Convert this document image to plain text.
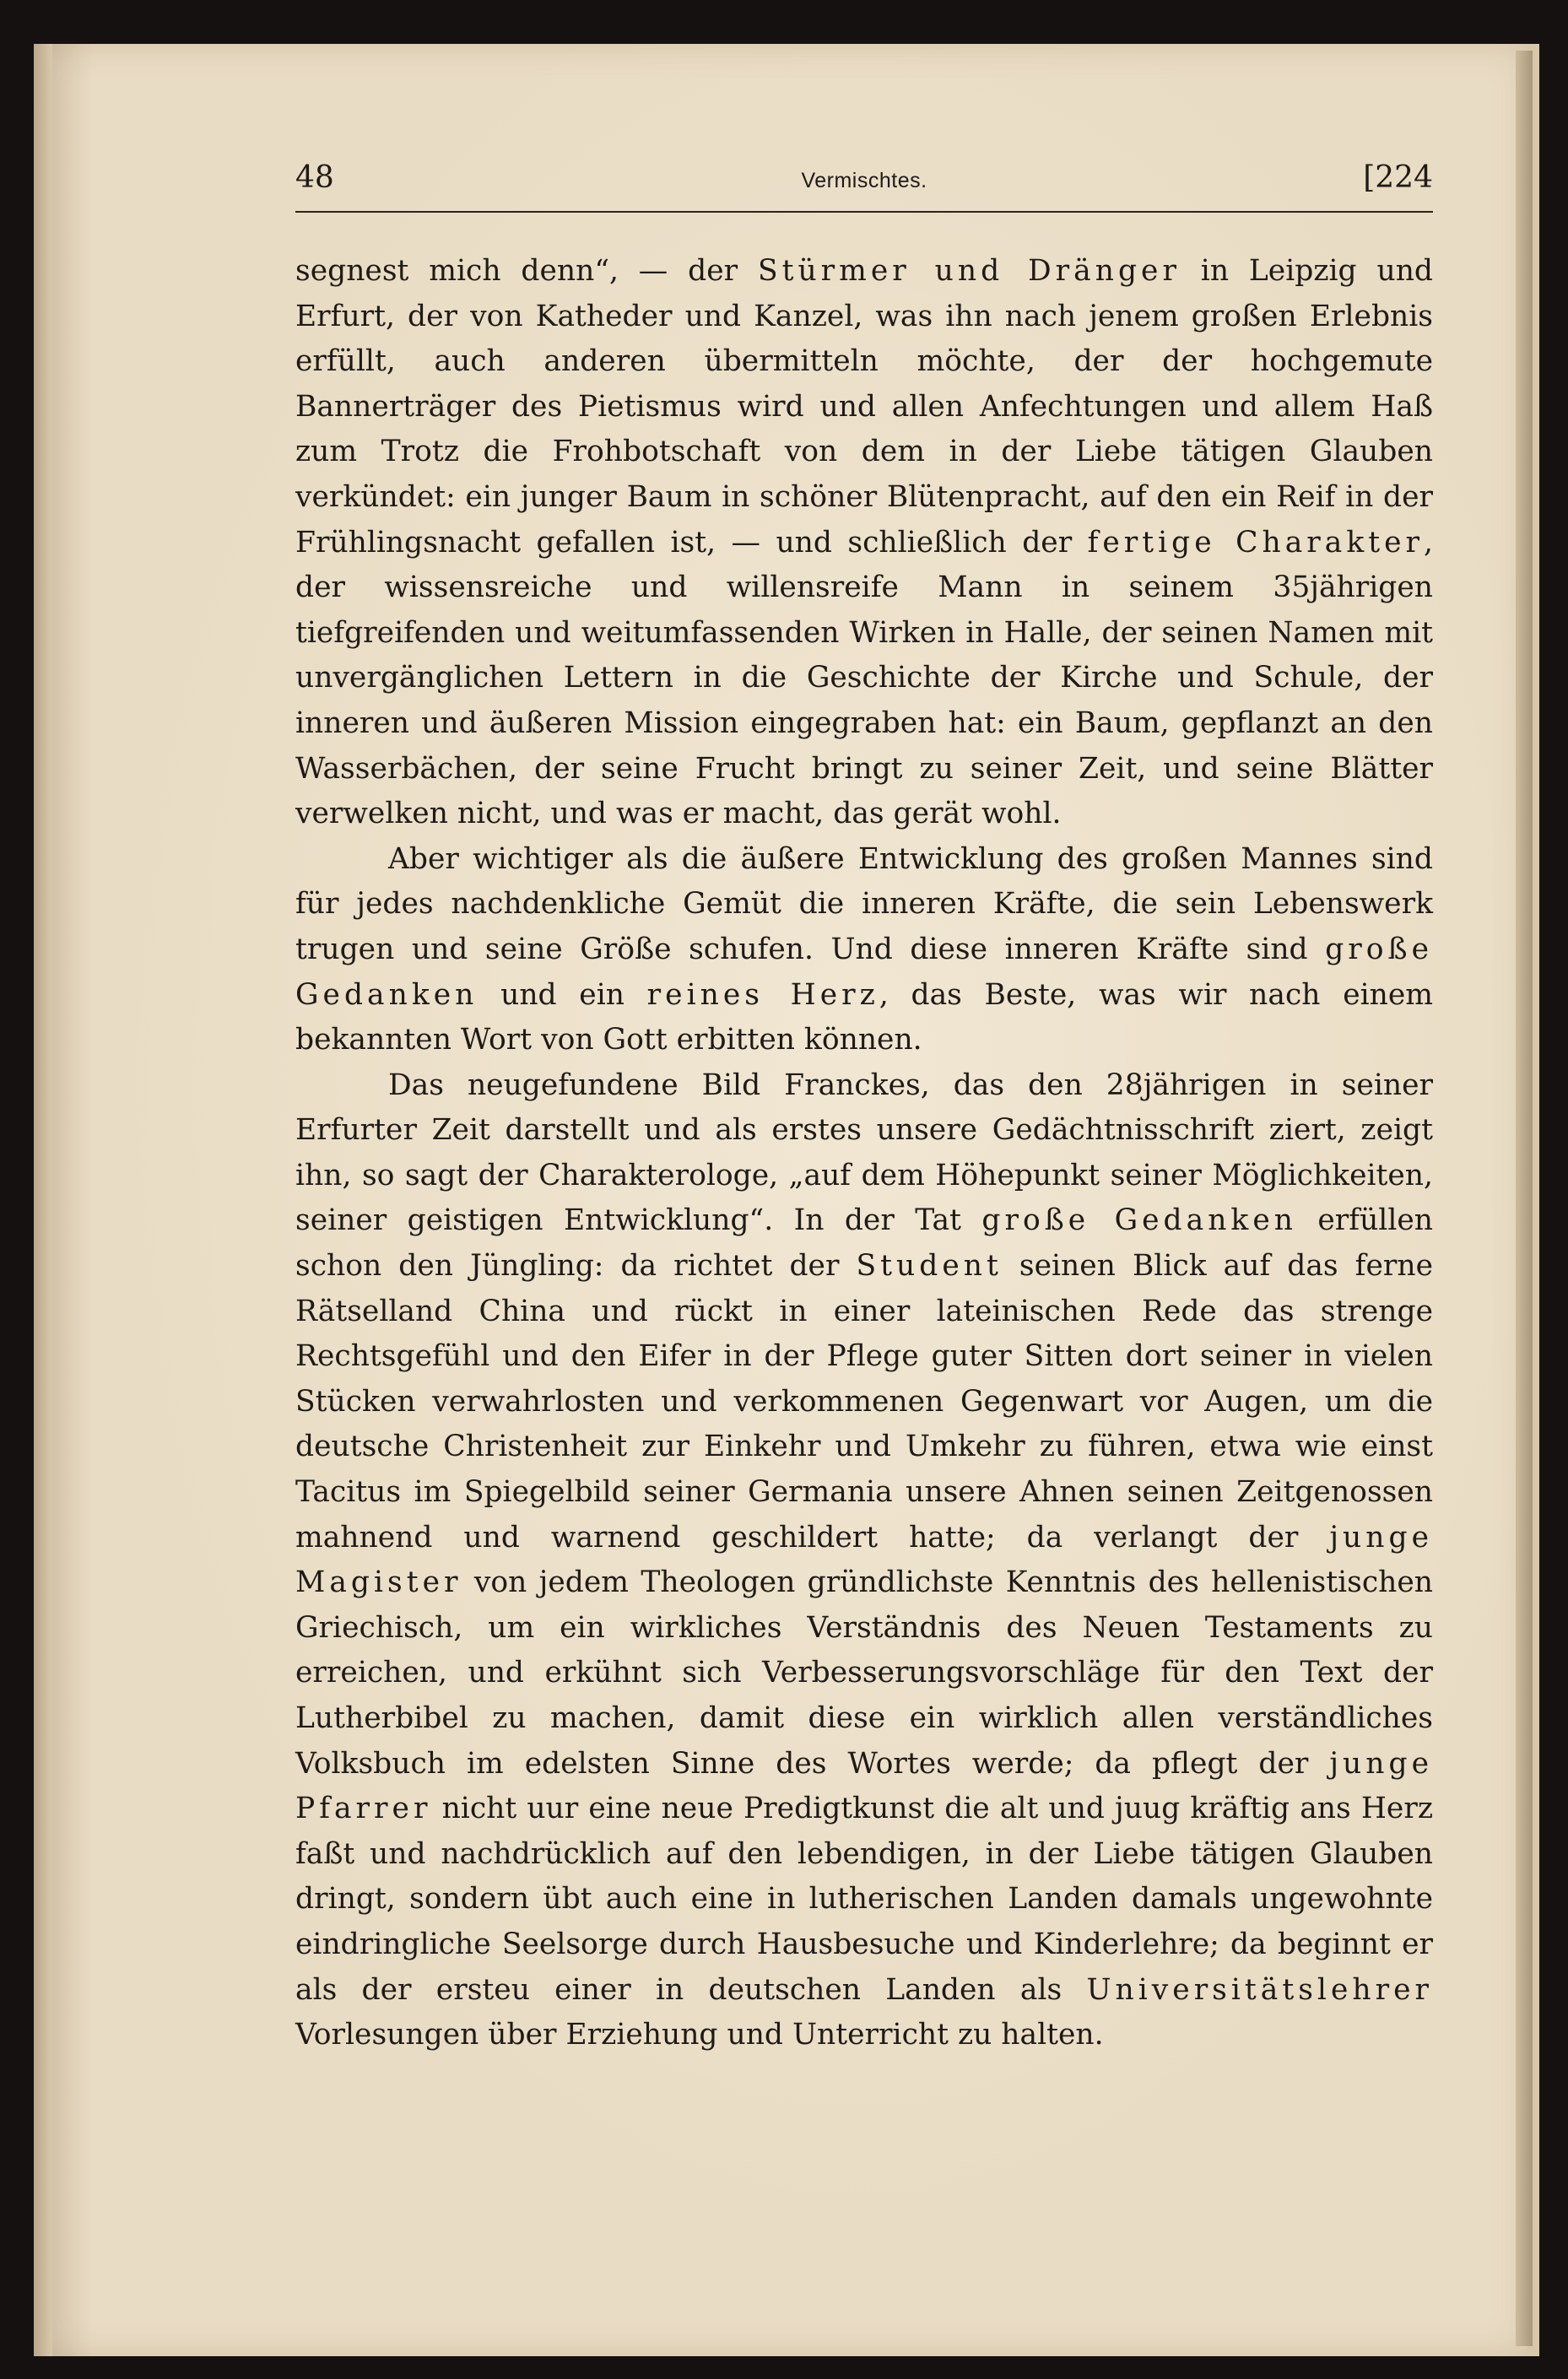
48	Vermischtes.	[224

segnest mich denn“, — der Stürmer und Dränger in Leipzig und Erfurt, der von Katheder und Kanzel, was ihn nach jenem großen Erlebnis erfüllt, auch anderen übermitteln möchte, der der hochgemute Bannerträger des Pietismus wird und allen Anfechtungen und allem Haß zum Trotz die Frohbotschaft von dem in der Liebe tätigen Glauben verkündet: ein junger Baum in schöner Blütenpracht, auf den ein Reif in der Frühlingsnacht gefallen ist, — und schließlich der fertige Charakter, der wissensreiche und willensreife Mann in seinem 35jährigen tiefgreifenden und weitumfassenden Wirken in Halle, der seinen Namen mit unvergänglichen Lettern in die Geschichte der Kirche und Schule, der inneren und äußeren Mission eingegraben hat: ein Baum, gepflanzt an den Wasserbächen, der seine Frucht bringt zu seiner Zeit, und seine Blätter verwelken nicht, und was er macht, das gerät wohl.

Aber wichtiger als die äußere Entwicklung des großen Mannes sind für jedes nachdenkliche Gemüt die inneren Kräfte, die sein Lebenswerk trugen und seine Größe schufen. Und diese inneren Kräfte sind große Gedanken und ein reines Herz, das Beste, was wir nach einem bekannten Wort von Gott erbitten können.

Das neugefundene Bild Franckes, das den 28jährigen in seiner Erfurter Zeit darstellt und als erstes unsere Gedächtnisschrift ziert, zeigt ihn, so sagt der Charakterologe, „auf dem Höhepunkt seiner Möglichkeiten, seiner geistigen Entwicklung“. In der Tat große Gedanken erfüllen schon den Jüngling: da richtet der Student seinen Blick auf das ferne Rätselland China und rückt in einer lateinischen Rede das strenge Rechtsgefühl und den Eifer in der Pflege guter Sitten dort seiner in vielen Stücken verwahrlosten und verkommenen Gegenwart vor Augen, um die deutsche Christenheit zur Einkehr und Umkehr zu führen, etwa wie einst Tacitus im Spiegelbild seiner Germania unsere Ahnen seinen Zeitgenossen mahnend und warnend geschildert hatte; da verlangt der junge Magister von jedem Theologen gründlichste Kenntnis des hellenistischen Griechisch, um ein wirkliches Verständnis des Neuen Testaments zu erreichen, und erkühnt sich Verbesserungsvorschläge für den Text der Lutherbibel zu machen, damit diese ein wirklich allen verständliches Volksbuch im edelsten Sinne des Wortes werde; da pflegt der junge Pfarrer nicht uur eine neue Predigtkunst die alt und juug kräftig ans Herz faßt und nachdrücklich auf den lebendigen, in der Liebe tätigen Glauben dringt, sondern übt auch eine in lutherischen Landen damals ungewohnte eindringliche Seelsorge durch Hausbesuche und Kinderlehre; da beginnt er als der ersteu einer in deutschen Landen als Universitätslehrer Vorlesungen über Erziehung und Unterricht zu halten.
